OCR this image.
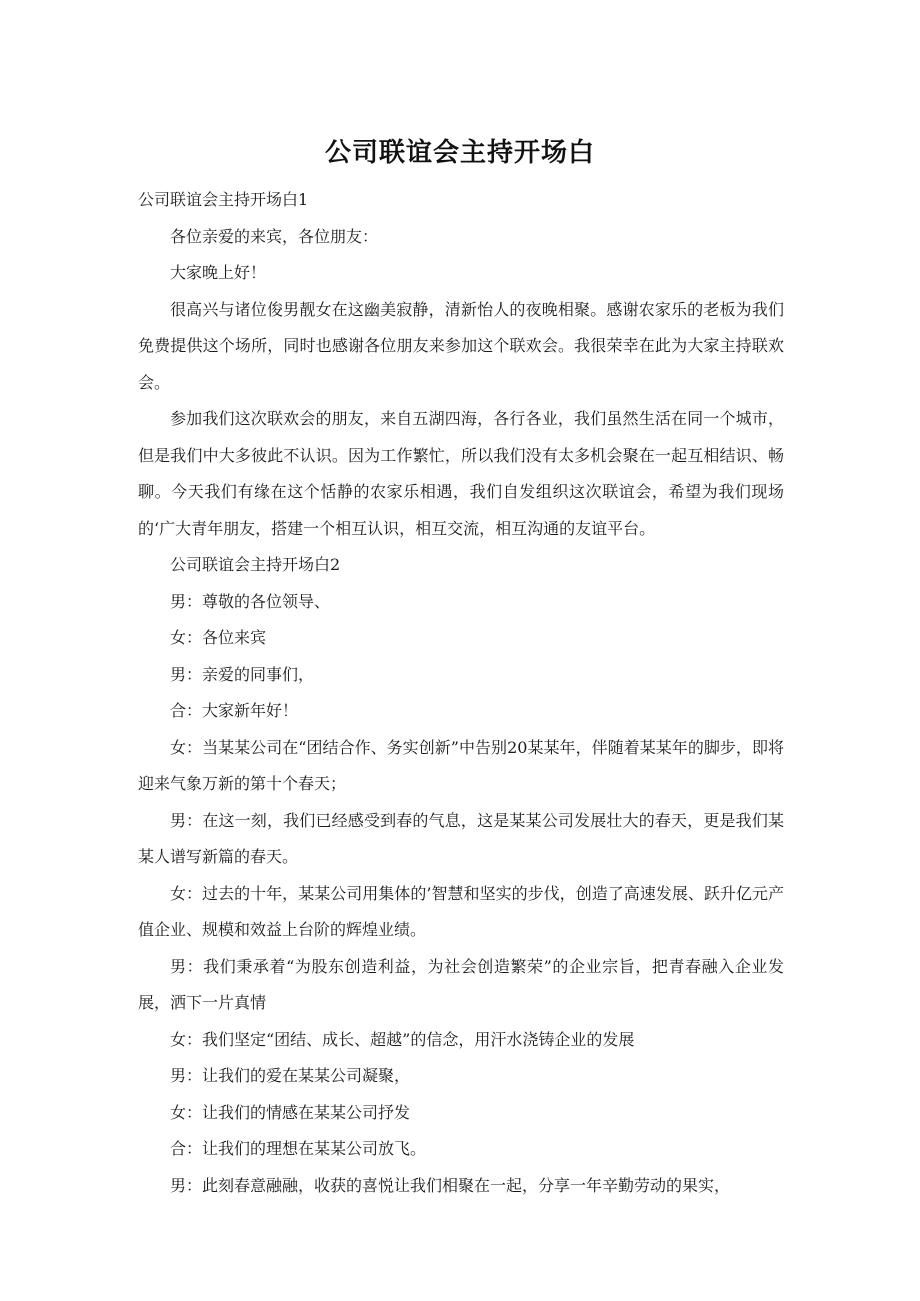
公司联谊会主持开场白

公司联谊会主持开场白1

各位亲爱的来宾，各位朋友：

大家晚上好！

很高兴与诸位俊男靓女在这幽美寂静，清新怡人的夜晚相聚。感谢农家乐的老板为我们免费提供这个场所，同时也感谢各位朋友来参加这个联欢会。我很荣幸在此为大家主持联欢会。

参加我们这次联欢会的朋友，来自五湖四海，各行各业，我们虽然生活在同一个城市，但是我们中大多彼此不认识。因为工作繁忙，所以我们没有太多机会聚在一起互相结识、畅聊。今天我们有缘在这个恬静的农家乐相遇，我们自发组织这次联谊会，希望为我们现场的‘广大青年朋友，搭建一个相互认识，相互交流，相互沟通的友谊平台。

公司联谊会主持开场白2

男：尊敬的各位领导、

女：各位来宾

男：亲爱的同事们，

合：大家新年好！

女：当某某公司在“团结合作、务实创新”中告别20某某年，伴随着某某年的脚步，即将迎来气象万新的第十个春天；

男：在这一刻，我们已经感受到春的气息，这是某某公司发展壮大的春天，更是我们某某人谱写新篇的春天。

女：过去的十年，某某公司用集体的’智慧和坚实的步伐，创造了高速发展、跃升亿元产值企业、规模和效益上台阶的辉煌业绩。

男：我们秉承着“为股东创造利益，为社会创造繁荣”的企业宗旨，把青春融入企业发展，洒下一片真情

女：我们坚定“团结、成长、超越”的信念，用汗水浇铸企业的发展

男：让我们的爱在某某公司凝聚，

女：让我们的情感在某某公司抒发

合：让我们的理想在某某公司放飞。

男：此刻春意融融，收获的喜悦让我们相聚在一起，分享一年辛勤劳动的果实，
